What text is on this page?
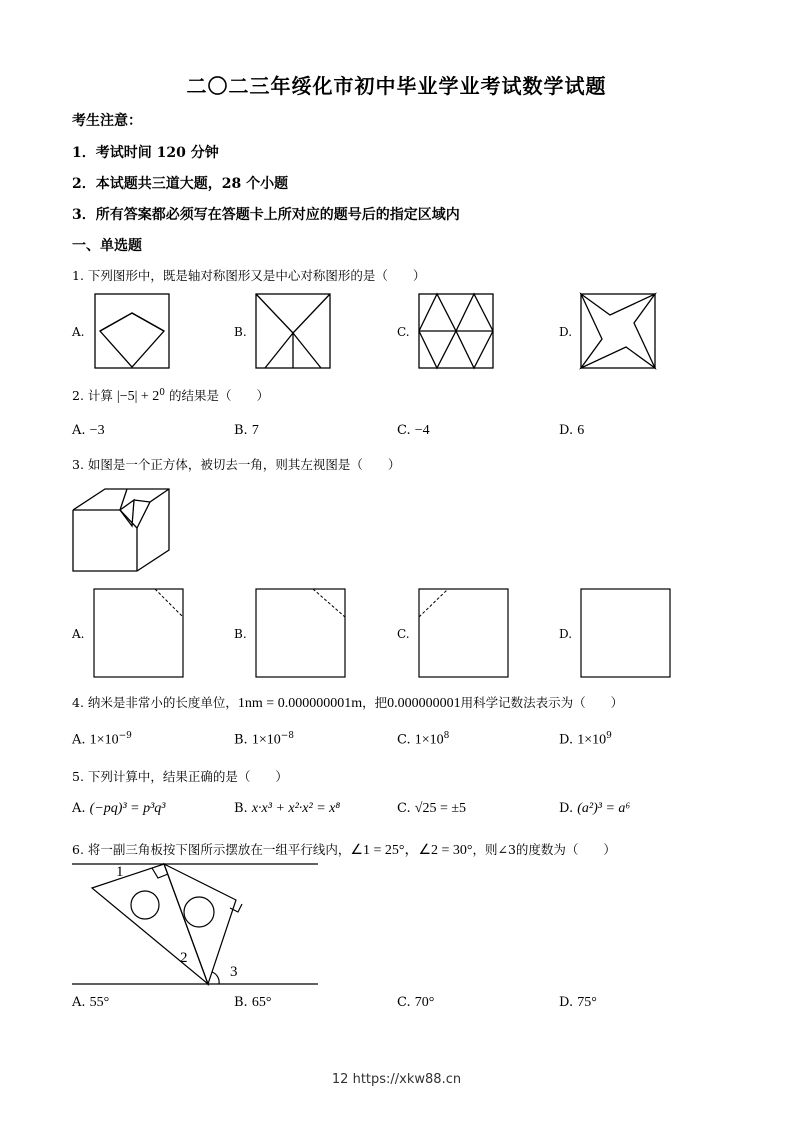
二〇二三年绥化市初中毕业学业考试数学试题
考生注意：
1．考试时间 120 分钟
2．本试题共三道大题，28 个小题
3．所有答案都必须写在答题卡上所对应的题号后的指定区域内
一、单选题
1. 下列图形中，既是轴对称图形又是中心对称图形的是（　　）
A.	B.	C.	D.
2. 计算 $|-5| + 2^0$ 的结果是（　　）
A. −3	B. 7	C. −4	D. 6
3. 如图是一个正方体，被切去一角，则其左视图是（　　）
A.	B.	C.	D.
4. 纳米是非常小的长度单位，1nm = 0.000000001m，把0.000000001用科学记数法表示为（　　）
A. $1\times 10^{-9}$	B. $1\times 10^{-8}$	C. $1\times 10^8$	D. $1\times 10^9$
5. 下列计算中，结果正确的是（　　）
A. (−pq)³ = p³q³	B. x·x³ + x²·x² = x⁸	C. √25 = ±5	D. (a²)³ = a⁶
6. 将一副三角板按下图所示摆放在一组平行线内，∠1 = 25°，∠2 = 30°，则∠3的度数为（　　）
1
2
3
A. 55°	B. 65°	C. 70°	D. 75°
12 https://xkw88.cn
